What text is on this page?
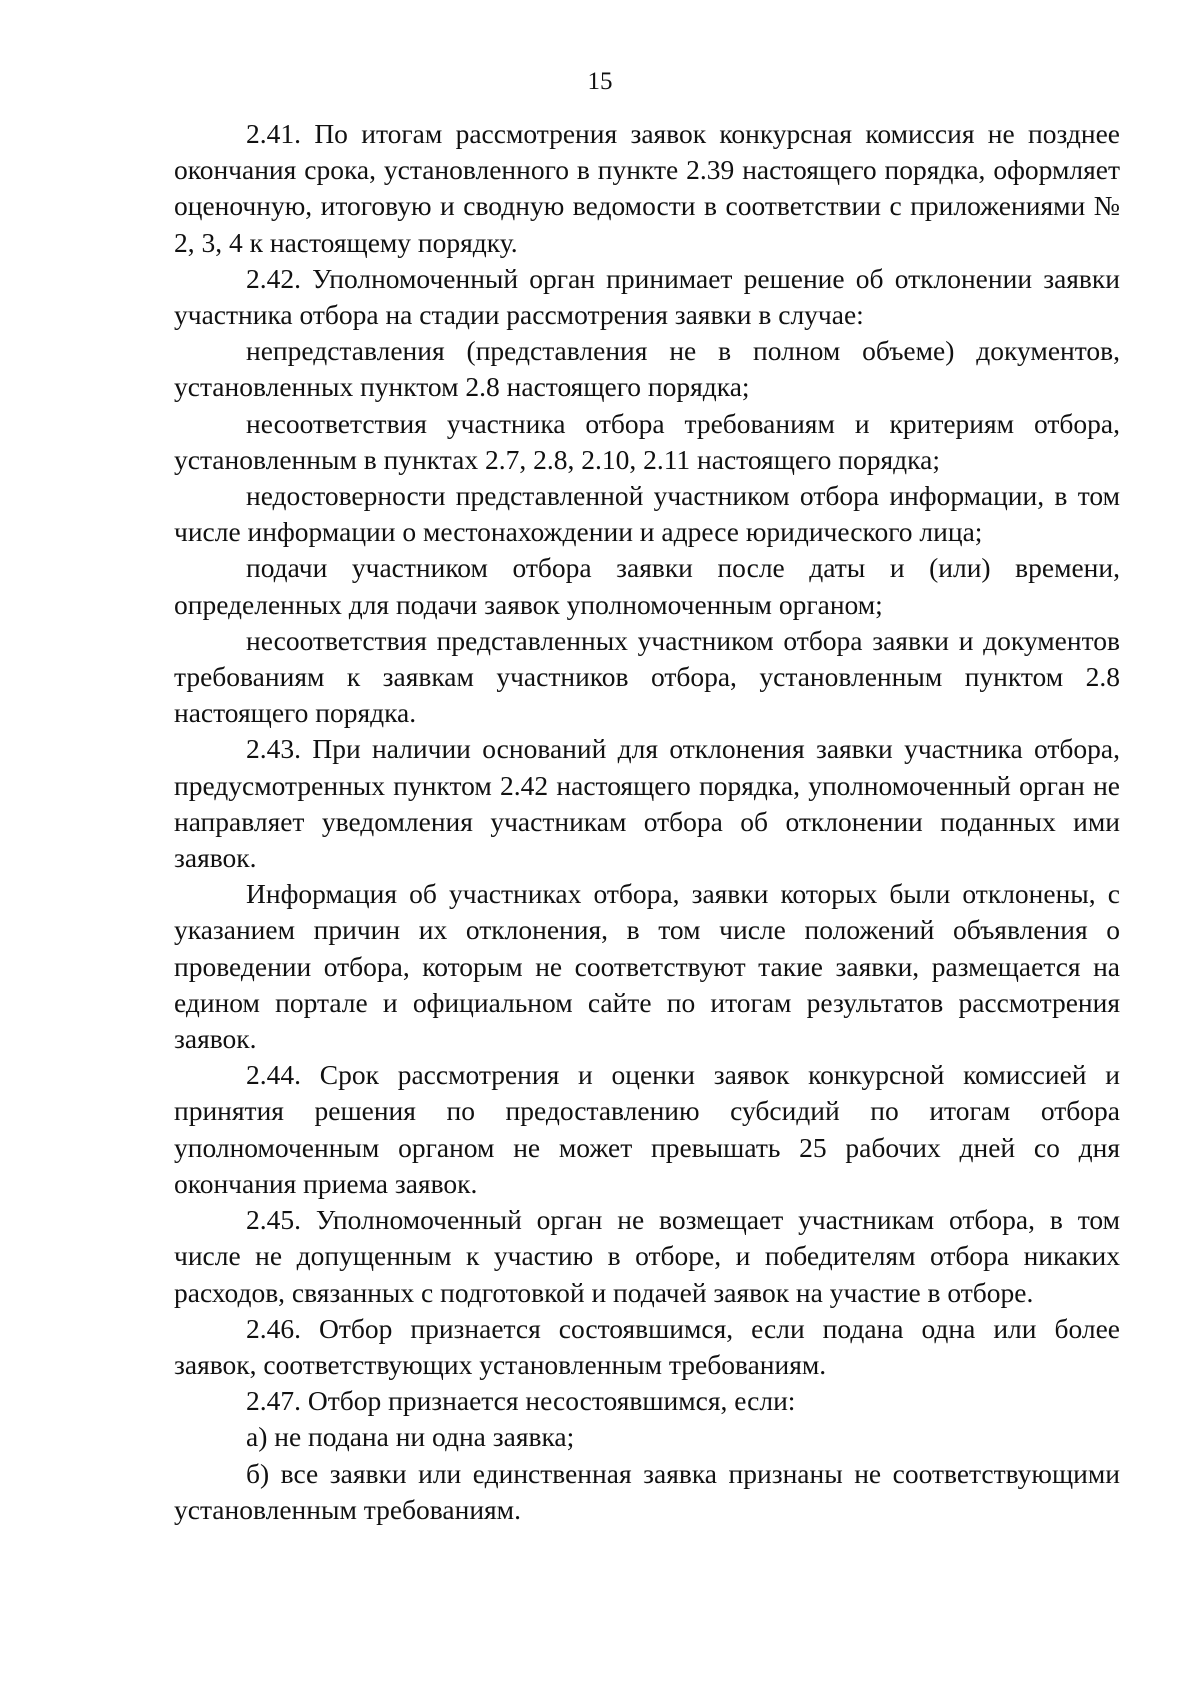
15

2.41. По итогам рассмотрения заявок конкурсная комиссия не позднее окончания срока, установленного в пункте 2.39 настоящего порядка, оформляет оценочную, итоговую и сводную ведомости в соответствии с приложениями № 2, 3, 4 к настоящему порядку.

2.42. Уполномоченный орган принимает решение об отклонении заявки участника отбора на стадии рассмотрения заявки в случае:

непредставления (представления не в полном объеме) документов, установленных пунктом 2.8 настоящего порядка;

несоответствия участника отбора требованиям и критериям отбора, установленным в пунктах 2.7, 2.8, 2.10, 2.11 настоящего порядка;

недостоверности представленной участником отбора информации, в том числе информации о местонахождении и адресе юридического лица;

подачи участником отбора заявки после даты и (или) времени, определенных для подачи заявок уполномоченным органом;

несоответствия представленных участником отбора заявки и документов требованиям к заявкам участников отбора, установленным пунктом 2.8 настоящего порядка.

2.43. При наличии оснований для отклонения заявки участника отбора, предусмотренных пунктом 2.42 настоящего порядка, уполномоченный орган не направляет уведомления участникам отбора об отклонении поданных ими заявок.

Информация об участниках отбора, заявки которых были отклонены, с указанием причин их отклонения, в том числе положений объявления о проведении отбора, которым не соответствуют такие заявки, размещается на едином портале и официальном сайте по итогам результатов рассмотрения заявок.

2.44. Срок рассмотрения и оценки заявок конкурсной комиссией и принятия решения по предоставлению субсидий по итогам отбора уполномоченным органом не может превышать 25 рабочих дней со дня окончания приема заявок.

2.45. Уполномоченный орган не возмещает участникам отбора, в том числе не допущенным к участию в отборе, и победителям отбора никаких расходов, связанных с подготовкой и подачей заявок на участие в отборе.

2.46. Отбор признается состоявшимся, если подана одна или более заявок, соответствующих установленным требованиям.

2.47. Отбор признается несостоявшимся, если:

а) не подана ни одна заявка;

б) все заявки или единственная заявка признаны не соответствующими установленным требованиям.
